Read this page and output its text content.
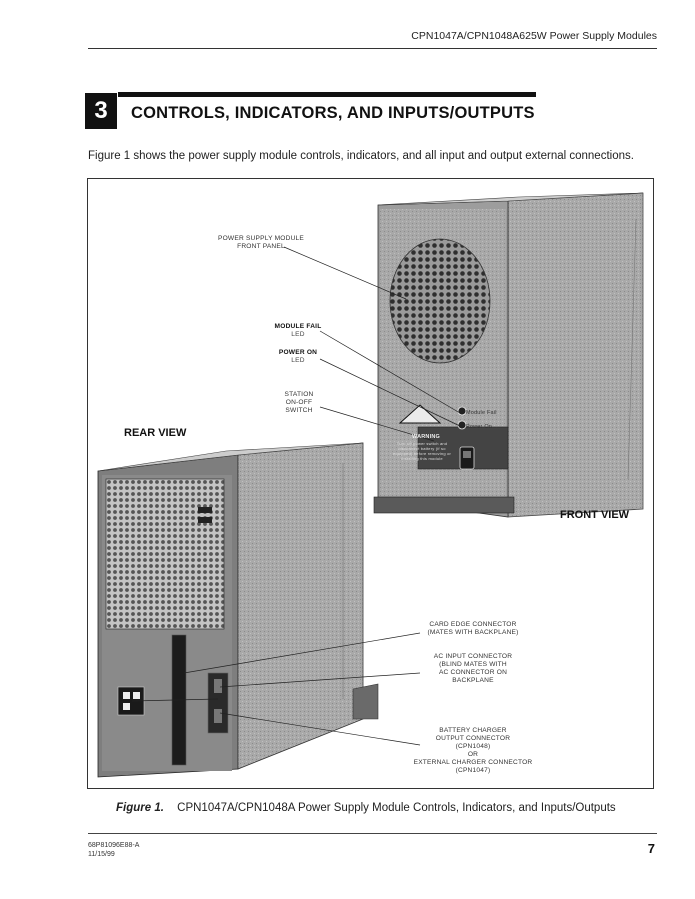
CPN1047A/CPN1048A625W Power Supply Modules
3	CONTROLS, INDICATORS, AND INPUTS/OUTPUTS
Figure 1 shows the power supply module controls, indicators, and all input and output external connections.
Module Fail
Power On
WARNING
Turn off power switch and disconnect battery (if so equipped) before removing or installing this module
POWER SUPPLY MODULE
FRONT PANEL
MODULE FAIL
LED
POWER ON
LED
STATION
ON-OFF
SWITCH
CARD EDGE CONNECTOR
(MATES WITH BACKPLANE)
AC INPUT CONNECTOR
(BLIND MATES WITH
AC CONNECTOR ON
BACKPLANE
BATTERY CHARGER
OUTPUT CONNECTOR
(CPN1048)
OR
EXTERNAL CHARGER CONNECTOR
(CPN1047)
REAR VIEW
FRONT VIEW
Figure 1. CPN1047A/CPN1048A Power Supply Module Controls, Indicators, and Inputs/Outputs
68P81096E88-A
11/15/99	7
